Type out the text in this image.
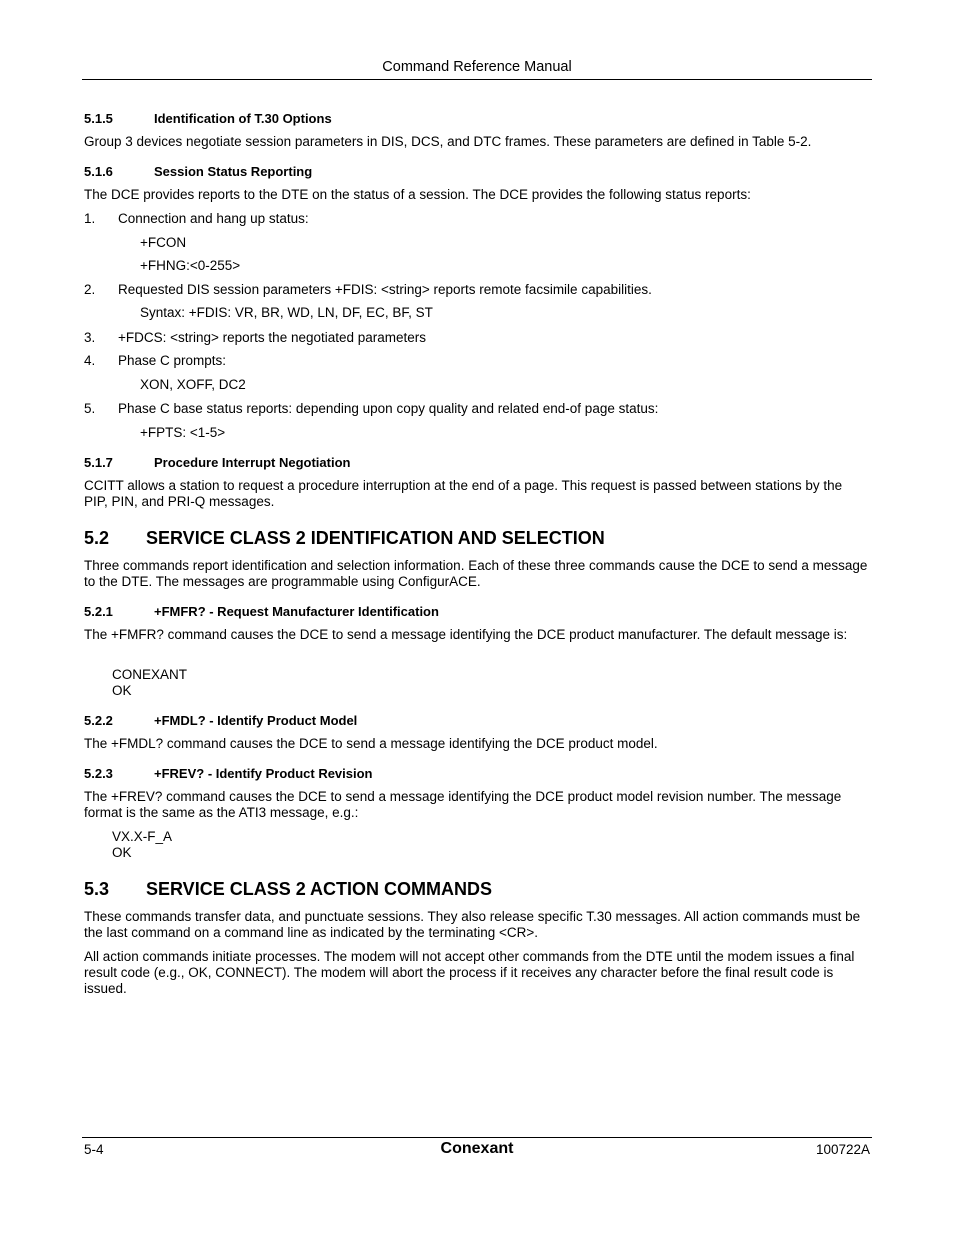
Command Reference Manual
5.1.5	Identification of T.30 Options
Group 3 devices negotiate session parameters in DIS, DCS, and DTC frames. These parameters are defined in Table 5-2.
5.1.6	Session Status Reporting
The DCE provides reports to the DTE on the status of a session. The DCE provides the following status reports:
1. Connection and hang up status:
+FCON
+FHNG:<0-255>
2. Requested DIS session parameters +FDIS: <string> reports remote facsimile capabilities.
Syntax: +FDIS: VR, BR, WD, LN, DF, EC, BF, ST
3. +FDCS: <string> reports the negotiated parameters
4. Phase C prompts:
XON, XOFF, DC2
5. Phase C base status reports: depending upon copy quality and related end-of page status:
+FPTS: <1-5>
5.1.7	Procedure Interrupt Negotiation
CCITT allows a station to request a procedure interruption at the end of a page. This request is passed between stations by the PIP, PIN, and PRI-Q messages.
5.2 SERVICE CLASS 2 IDENTIFICATION AND SELECTION
Three commands report identification and selection information. Each of these three commands cause the DCE to send a message to the DTE. The messages are programmable using ConfigurACE.
5.2.1	+FMFR? - Request Manufacturer Identification
The +FMFR? command causes the DCE to send a message identifying the DCE product manufacturer. The default message is:
CONEXANT
OK
5.2.2	+FMDL? - Identify Product Model
The +FMDL? command causes the DCE to send a message identifying the DCE product model.
5.2.3	+FREV? - Identify Product Revision
The +FREV? command causes the DCE to send a message identifying the DCE product model revision number. The message format is the same as the ATI3 message, e.g.:
VX.X-F_A
OK
5.3 SERVICE CLASS 2 ACTION COMMANDS
These commands transfer data, and punctuate sessions. They also release specific T.30 messages. All action commands must be the last command on a command line as indicated by the terminating <CR>.
All action commands initiate processes. The modem will not accept other commands from the DTE until the modem issues a final result code (e.g., OK, CONNECT). The modem will abort the process if it receives any character before the final result code is issued.
5-4	Conexant	100722A
